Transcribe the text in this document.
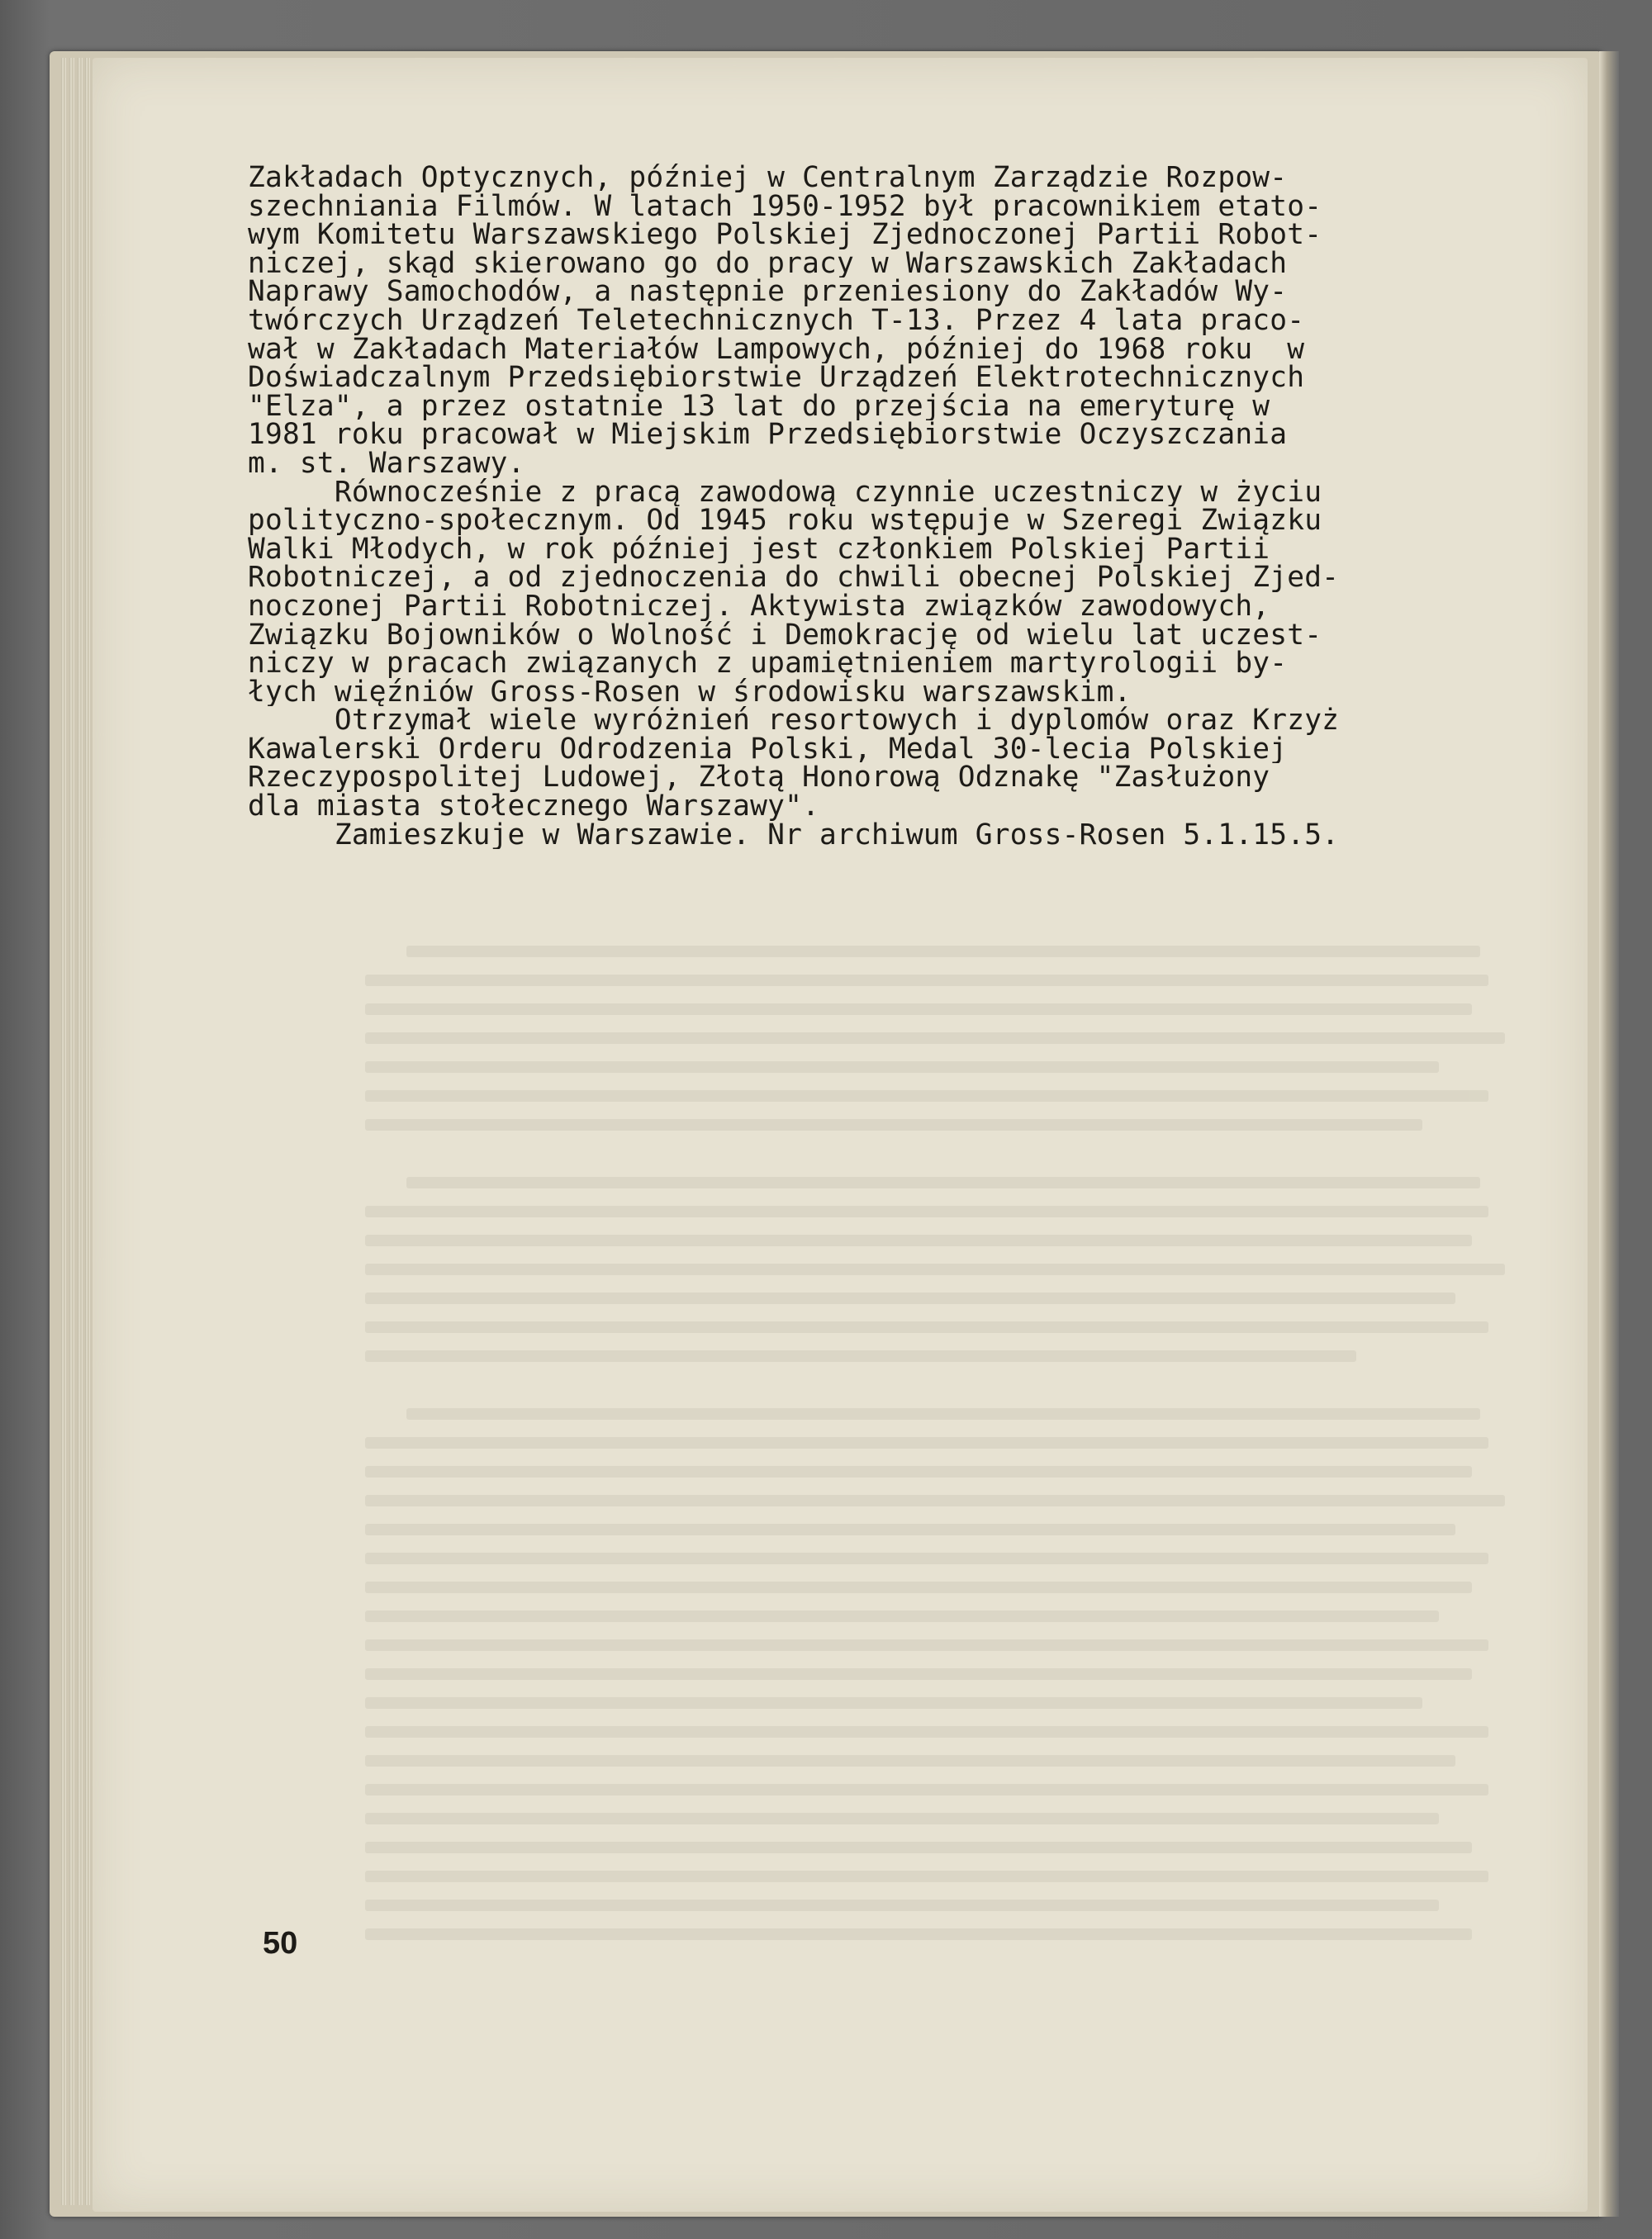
Zakładach Optycznych, później w Centralnym Zarządzie Rozpow-
szechniania Filmów. W latach 1950-1952 był pracownikiem etato-
wym Komitetu Warszawskiego Polskiej Zjednoczonej Partii Robot-
niczej, skąd skierowano go do pracy w Warszawskich Zakładach
Naprawy Samochodów, a następnie przeniesiony do Zakładów Wy-
twórczych Urządzeń Teletechnicznych T-13. Przez 4 lata praco-
wał w Zakładach Materiałów Lampowych, później do 1968 roku  w
Doświadczalnym Przedsiębiorstwie Urządzeń Elektrotechnicznych
"Elza", a przez ostatnie 13 lat do przejścia na emeryturę w
1981 roku pracował w Miejskim Przedsiębiorstwie Oczyszczania
m. st. Warszawy.
Równocześnie z pracą zawodową czynnie uczestniczy w życiu
polityczno-społecznym. Od 1945 roku wstępuje w Szeregi Związku
Walki Młodych, w rok później jest członkiem Polskiej Partii
Robotniczej, a od zjednoczenia do chwili obecnej Polskiej Zjed-
noczonej Partii Robotniczej. Aktywista związków zawodowych,
Związku Bojowników o Wolność i Demokrację od wielu lat uczest-
niczy w pracach związanych z upamiętnieniem martyrologii by-
łych więźniów Gross-Rosen w środowisku warszawskim.
Otrzymał wiele wyróżnień resortowych i dyplomów oraz Krzyż
Kawalerski Orderu Odrodzenia Polski, Medal 30-lecia Polskiej
Rzeczypospolitej Ludowej, Złotą Honorową Odznakę "Zasłużony
dla miasta stołecznego Warszawy".
Zamieszkuje w Warszawie. Nr archiwum Gross-Rosen 5.1.15.5.
50
